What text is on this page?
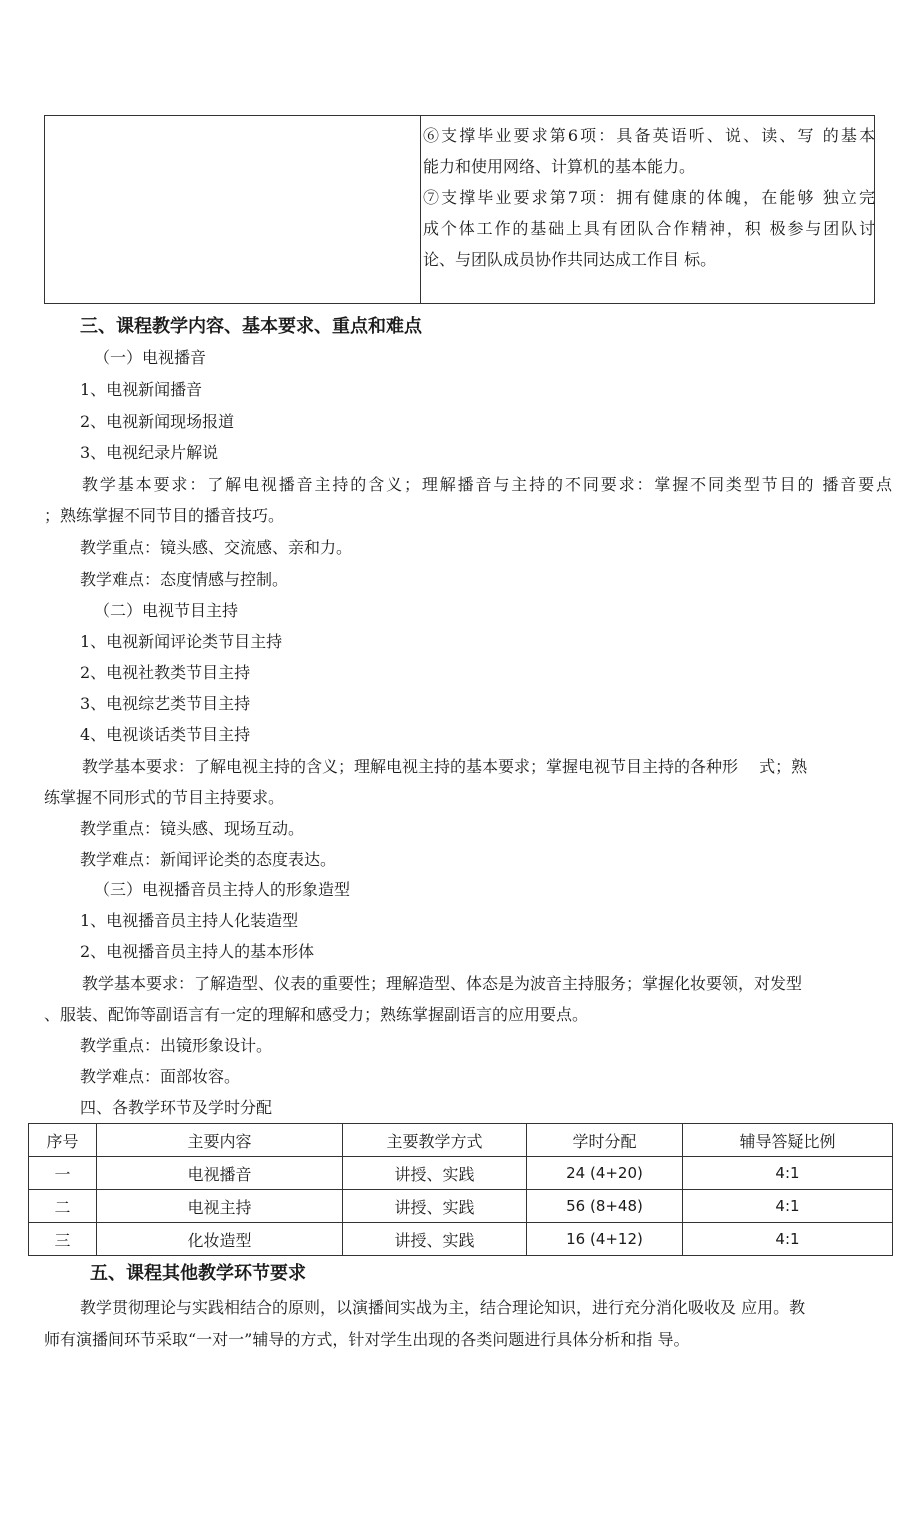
⑥支撑毕业要求第6项：具备英语听、说、读、写 的基本
能力和使用网络、计算机的基本能力。
⑦支撑毕业要求第7项：拥有健康的体魄，在能够 独立完
成个体工作的基础上具有团队合作精神，积 极参与团队讨
论、与团队成员协作共同达成工作目 标。
三、课程教学内容、基本要求、重点和难点
（一）电视播音
1、电视新闻播音
2、电视新闻现场报道
3、电视纪录片解说
教学基本要求：了解电视播音主持的含义；理解播音与主持的不同要求：掌握不同类型节目的 播音要点
；熟练掌握不同节目的播音技巧。
教学重点：镜头感、交流感、亲和力。
教学难点：态度情感与控制。
（二）电视节目主持
1、电视新闻评论类节目主持
2、电视社教类节目主持
3、电视综艺类节目主持
4、电视谈话类节目主持
教学基本要求：了解电视主持的含义；理解电视主持的基本要求；掌握电视节目主持的各种形　 式；熟
练掌握不同形式的节目主持要求。
教学重点：镜头感、现场互动。
教学难点：新闻评论类的态度表达。
（三）电视播音员主持人的形象造型
1、电视播音员主持人化装造型
2、电视播音员主持人的基本形体
教学基本要求：了解造型、仪表的重要性；理解造型、体态是为波音主持服务；掌握化妆要领，对发型
、服装、配饰等副语言有一定的理解和感受力；熟练掌握副语言的应用要点。
教学重点：出镜形象设计。
教学难点：面部妆容。
四、各教学环节及学时分配
序号	主要内容	主要教学方式	学时分配	辅导答疑比例
一	电视播音	讲授、实践	24 (4+20)	4:1
二	电视主持	讲授、实践	56 (8+48)	4:1
三	化妆造型	讲授、实践	16 (4+12)	4:1
五、课程其他教学环节要求
教学贯彻理论与实践相结合的原则，以演播间实战为主，结合理论知识，进行充分消化吸收及 应用。教
师有演播间环节采取“一对一”辅导的方式，针对学生出现的各类问题进行具体分析和指 导。
